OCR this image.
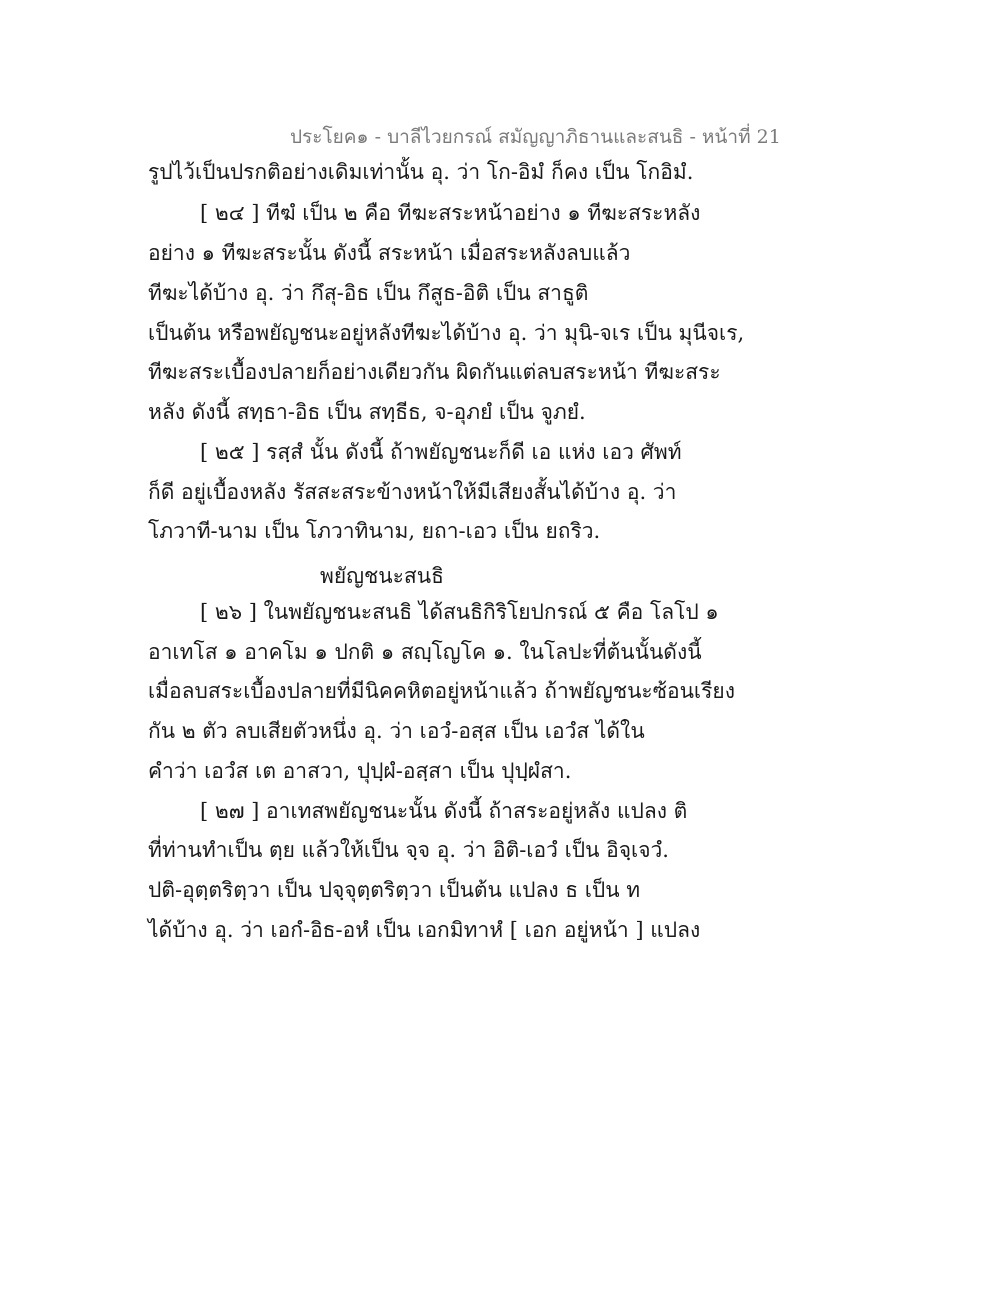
ประโยค๑ - บาลีไวยกรณ์ สมัญญาภิธานและสนธิ - หน้าที่ 21
รูปไว้เป็นปรกติอย่างเดิมเท่านั้น อุ. ว่า โก-อิมํ ก็คง เป็น โกอิมํ.
[ ๒๔ ] ทีฆํ เป็น ๒ คือ ทีฆะสระหน้าอย่าง ๑ ทีฆะสระหลัง
อย่าง ๑ ทีฆะสระนั้น ดังนี้ สระหน้า เมื่อสระหลังลบแล้ว
ทีฆะได้บ้าง อุ. ว่า กึสุ-อิธ เป็น กึสูธ-อิติ เป็น สาธูติ
เป็นต้น หรือพยัญชนะอยู่หลังทีฆะได้บ้าง อุ. ว่า มุนิ-จเร เป็น มุนีจเร,
ทีฆะสระเบื้องปลายก็อย่างเดียวกัน ผิดกันแต่ลบสระหน้า ทีฆะสระ
หลัง ดังนี้ สทฺธา-อิธ เป็น สทฺธีธ, จ-อุภยํ เป็น จูภยํ.
[ ๒๕ ] รสฺสํ นั้น ดังนี้ ถ้าพยัญชนะก็ดี เอ แห่ง เอว ศัพท์
ก็ดี อยู่เบื้องหลัง รัสสะสระข้างหน้าให้มีเสียงสั้นได้บ้าง อุ. ว่า
โภวาที-นาม เป็น โภวาทินาม, ยถา-เอว เป็น ยถริว.
พยัญชนะสนธิ
[ ๒๖ ] ในพยัญชนะสนธิ ได้สนธิกิริโยปกรณ์ ๕ คือ โลโป ๑
อาเทโส ๑ อาคโม ๑ ปกติ ๑ สญฺโญโค ๑. ในโลปะที่ต้นนั้นดังนี้
เมื่อลบสระเบื้องปลายที่มีนิคคหิตอยู่หน้าแล้ว ถ้าพยัญชนะซ้อนเรียง
กัน ๒ ตัว ลบเสียตัวหนึ่ง อุ. ว่า เอวํ-อสฺส เป็น เอวํส ได้ใน
คำว่า เอวํส เต อาสวา, ปุปฺผํ-อสฺสา เป็น ปุปฺผํสา.
[ ๒๗ ] อาเทสพยัญชนะนั้น ดังนี้ ถ้าสระอยู่หลัง แปลง ติ
ที่ท่านทำเป็น ตฺย แล้วให้เป็น จฺจ อุ. ว่า อิติ-เอวํ เป็น อิจฺเจวํ.
ปติ-อุตฺตริตฺวา เป็น ปจฺจุตฺตริตฺวา เป็นต้น แปลง ธ เป็น ท
ได้บ้าง อุ. ว่า เอกํ-อิธ-อหํ เป็น เอกมิทาหํ [ เอก อยู่หน้า ] แปลง
